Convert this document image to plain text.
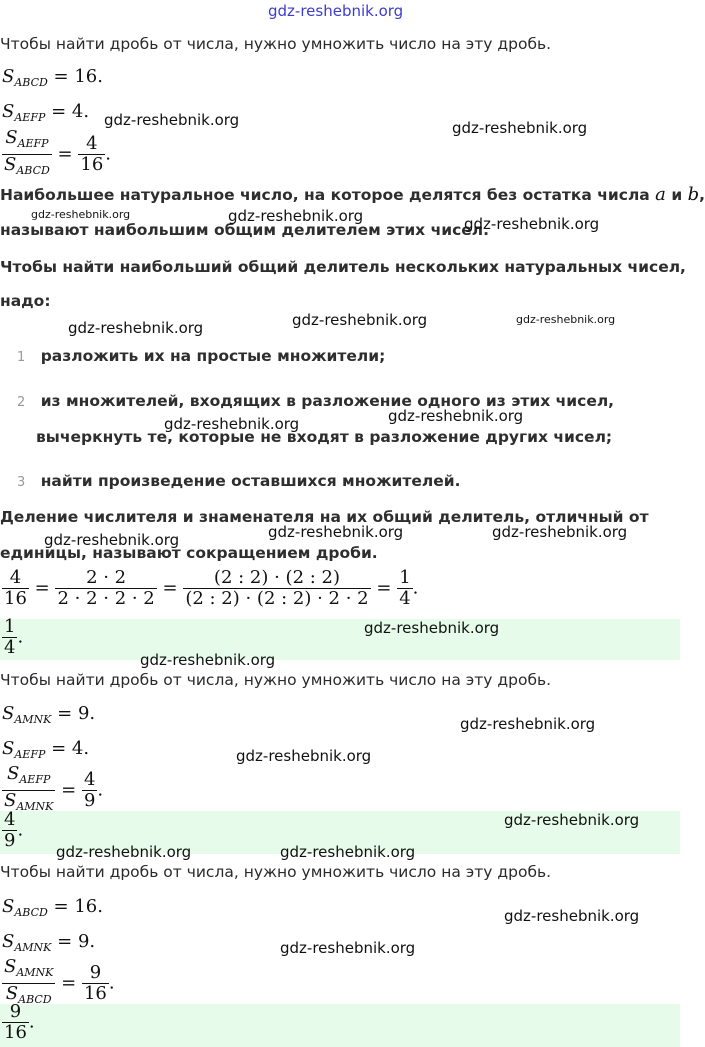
gdz-reshebnik.org
Чтобы найти дробь от числа, нужно умножить число на эту дробь.
$S_{ABCD} = 16$.
$S_{AEFP} = 4$.
$\frac{S_{AEFP}}{S_{ABCD}} = \frac{4}{16}$ .
Наибольшее натуральное число, на которое делятся без остатка числа a и b,
называют наибольшим общим делителем этих чисел.
Чтобы найти наибольший общий делитель нескольких натуральных чисел,
надо:
1 разложить их на простые множители;
2 из множителей, входящих в разложение одного из этих чисел,
вычеркнуть те, которые не входят в разложение других чисел;
3 найти произведение оставшихся множителей.
Деление числителя и знаменателя на их общий делитель, отличный от
единицы, называют сокращением дроби.
$\frac{4}{16} = \frac{2 \cdot 2}{2 \cdot 2 \cdot 2 \cdot 2} = \frac{(2 : 2) \cdot (2 : 2)}{(2 : 2) \cdot (2 : 2) \cdot 2 \cdot 2} = \frac{1}{4}$ .
$\frac{1}{4}$ .
Чтобы найти дробь от числа, нужно умножить число на эту дробь.
$S_{AMNK} = 9$.
$S_{AEFP} = 4$.
$\frac{S_{AEFP}}{S_{AMNK}} = \frac{4}{9}$ .
$\frac{4}{9}$ .
Чтобы найти дробь от числа, нужно умножить число на эту дробь.
$S_{ABCD} = 16$.
$S_{AMNK} = 9$.
$\frac{S_{AMNK}}{S_{ABCD}} = \frac{9}{16}$ .
$\frac{9}{16}$ .
gdz-reshebnik.org	gdz-reshebnik.org
gdz-reshebnik.org	gdz-reshebnik.org	gdz-reshebnik.org
gdz-reshebnik.org	gdz-reshebnik.org	gdz-reshebnik.org
gdz-reshebnik.org	gdz-reshebnik.org
gdz-reshebnik.org	gdz-reshebnik.org	gdz-reshebnik.org
gdz-reshebnik.org
gdz-reshebnik.org
gdz-reshebnik.org
gdz-reshebnik.org
gdz-reshebnik.org
gdz-reshebnik.org	gdz-reshebnik.org
gdz-reshebnik.org
gdz-reshebnik.org
